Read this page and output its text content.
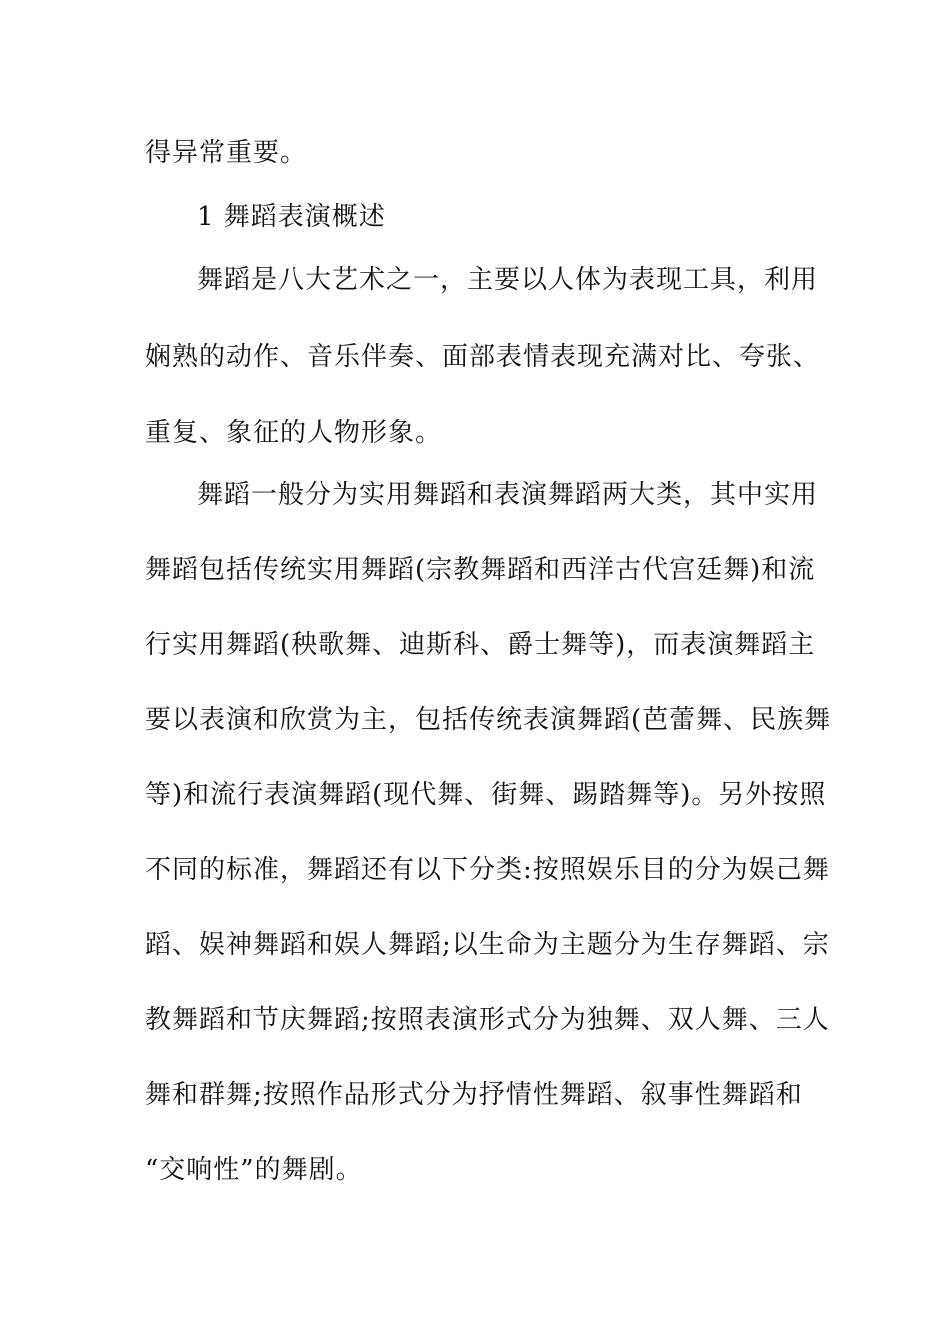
得异常重要。
1 舞蹈表演概述
舞蹈是八大艺术之一，主要以人体为表现工具，利用
娴熟的动作、音乐伴奏、面部表情表现充满对比、夸张、
重复、象征的人物形象。
舞蹈一般分为实用舞蹈和表演舞蹈两大类，其中实用
舞蹈包括传统实用舞蹈(宗教舞蹈和西洋古代宫廷舞)和流
行实用舞蹈(秧歌舞、迪斯科、爵士舞等)，而表演舞蹈主
要以表演和欣赏为主，包括传统表演舞蹈(芭蕾舞、民族舞
等)和流行表演舞蹈(现代舞、街舞、踢踏舞等)。另外按照
不同的标准，舞蹈还有以下分类:按照娱乐目的分为娱己舞
蹈、娱神舞蹈和娱人舞蹈;以生命为主题分为生存舞蹈、宗
教舞蹈和节庆舞蹈;按照表演形式分为独舞、双人舞、三人
舞和群舞;按照作品形式分为抒情性舞蹈、叙事性舞蹈和
“交响性”的舞剧。
